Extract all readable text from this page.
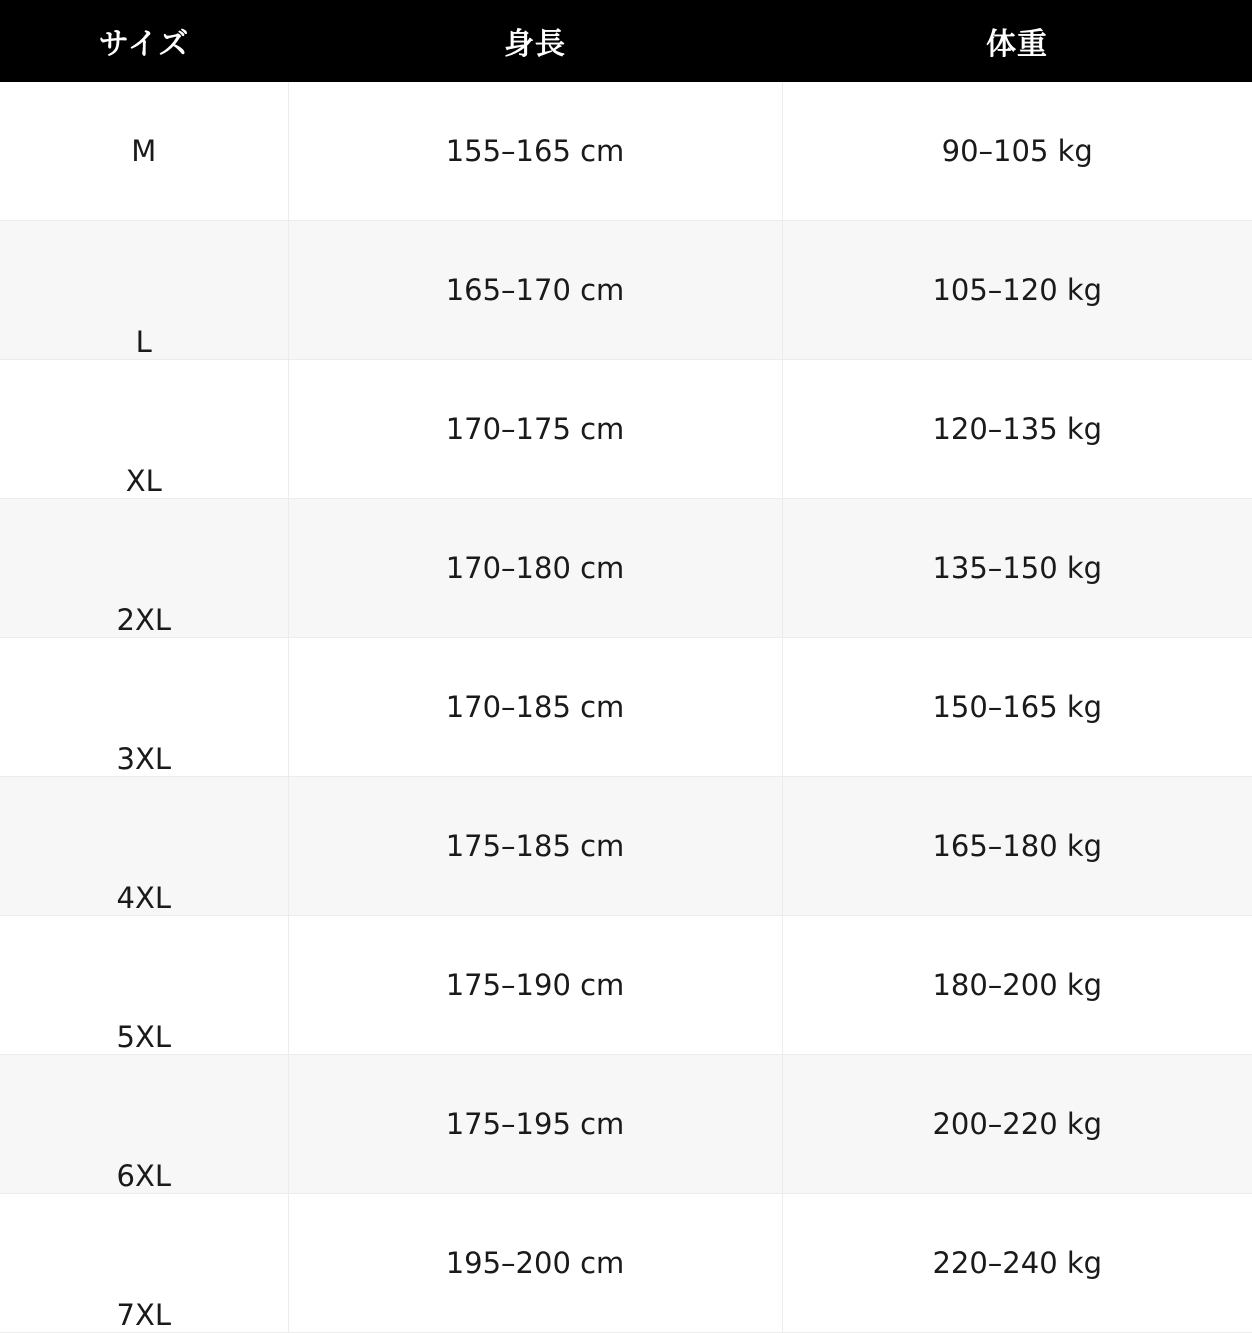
サイズ	身長	体重
M	155–165 cm	90–105 kg
L	165–170 cm	105–120 kg
XL	170–175 cm	120–135 kg
2XL	170–180 cm	135–150 kg
3XL	170–185 cm	150–165 kg
4XL	175–185 cm	165–180 kg
5XL	175–190 cm	180–200 kg
6XL	175–195 cm	200–220 kg
7XL	195–200 cm	220–240 kg
